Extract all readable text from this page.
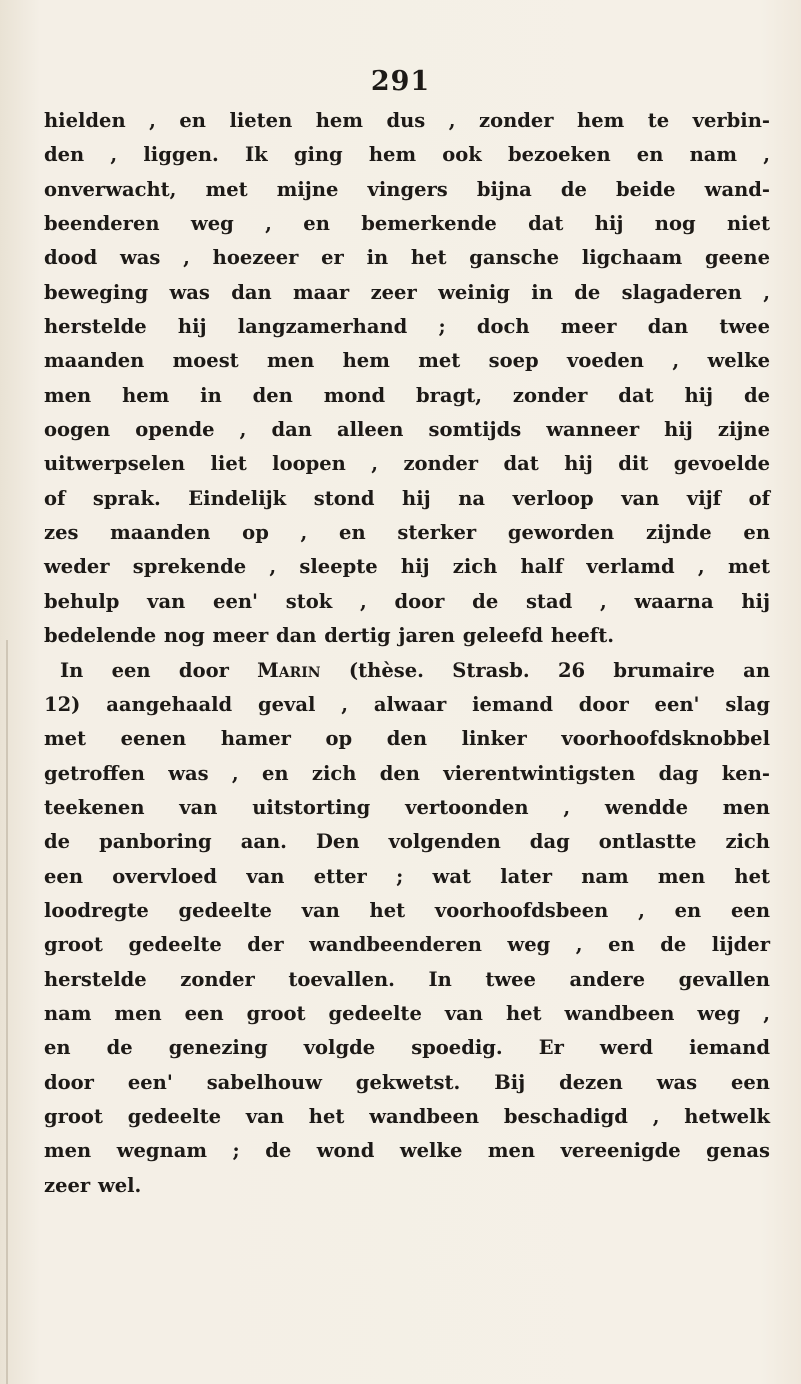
291
hielden , en lieten hem dus , zonder hem te verbin-
den , liggen. Ik ging hem ook bezoeken en nam ,
onverwacht, met mijne vingers bijna de beide wand-
beenderen weg , en bemerkende dat hij nog niet
dood was , hoezeer er in het gansche ligchaam geene
beweging was dan maar zeer weinig in de slagaderen ,
herstelde hij langzamerhand ; doch meer dan twee
maanden moest men hem met soep voeden , welke
men hem in den mond bragt, zonder dat hij de
oogen opende , dan alleen somtijds wanneer hij zijne
uitwerpselen liet loopen , zonder dat hij dit gevoelde
of sprak. Eindelijk stond hij na verloop van vijf of
zes maanden op , en sterker geworden zijnde en
weder sprekende , sleepte hij zich half verlamd , met
behulp van een' stok , door de stad , waarna hij
bedelende nog meer dan dertig jaren geleefd heeft.
In een door Marin (thèse. Strasb. 26 brumaire an
12) aangehaald geval , alwaar iemand door een' slag
met eenen hamer op den linker voorhoofdsknobbel
getroffen was , en zich den vierentwintigsten dag ken-
teekenen van uitstorting vertoonden , wendde men
de panboring aan. Den volgenden dag ontlastte zich
een overvloed van etter ; wat later nam men het
loodregte gedeelte van het voorhoofdsbeen , en een
groot gedeelte der wandbeenderen weg , en de lijder
herstelde zonder toevallen. In twee andere gevallen
nam men een groot gedeelte van het wandbeen weg ,
en de genezing volgde spoedig. Er werd iemand
door een' sabelhouw gekwetst. Bij dezen was een
groot gedeelte van het wandbeen beschadigd , hetwelk
men wegnam ; de wond welke men vereenigde genas
zeer wel.
